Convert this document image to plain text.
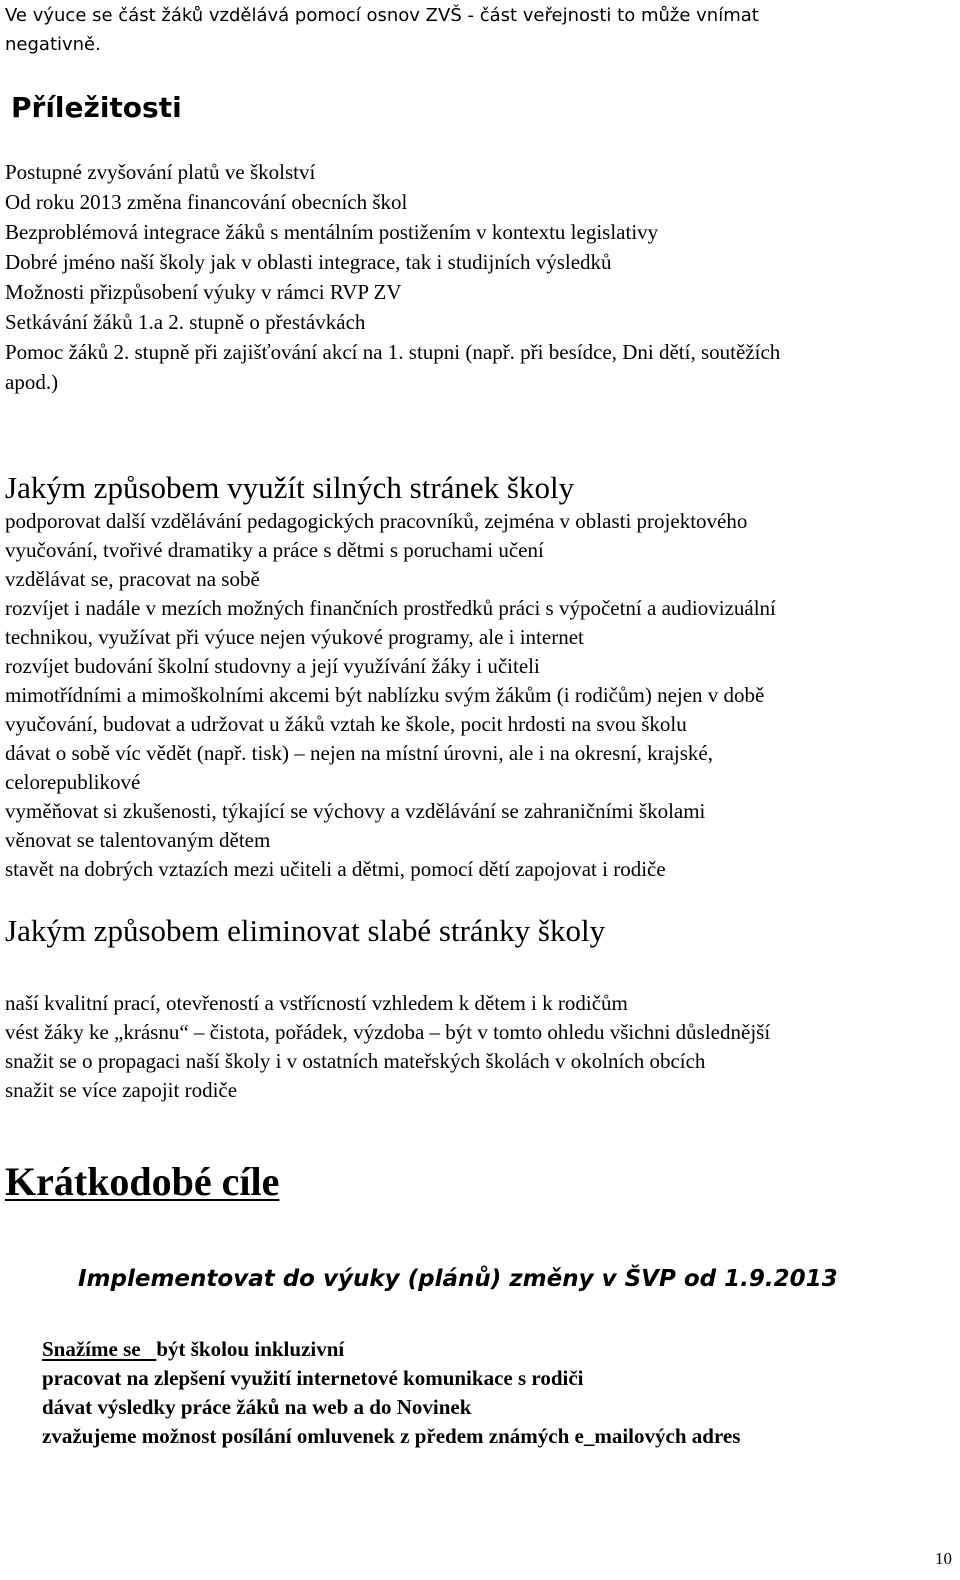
Ve výuce se část žáků vzdělává pomocí osnov ZVŠ - část veřejnosti to může vnímat
negativně.
Příležitosti
Postupné zvyšování platů ve školství
Od roku 2013 změna financování obecních škol
Bezproblémová integrace žáků s mentálním postižením v kontextu legislativy
Dobré jméno naší školy jak v oblasti integrace, tak i studijních výsledků
Možnosti přizpůsobení výuky v rámci RVP ZV
Setkávání žáků 1.a 2. stupně o přestávkách
Pomoc žáků 2. stupně při zajišťování akcí na 1. stupni (např. při besídce, Dni dětí, soutěžích
apod.)
Jakým způsobem využít silných stránek školy
podporovat další vzdělávání pedagogických pracovníků, zejména v oblasti projektového
vyučování, tvořivé dramatiky a práce s dětmi s poruchami učení
vzdělávat se, pracovat na sobě
rozvíjet i nadále v mezích možných finančních prostředků práci s výpočetní a audiovizuální
technikou, využívat při výuce nejen výukové programy, ale i internet
rozvíjet budování školní studovny a její využívání žáky i učiteli
mimotřídními a mimoškolními akcemi být nablízku svým žákům (i rodičům) nejen v době
vyučování, budovat a udržovat u žáků vztah ke škole, pocit hrdosti na svou školu
dávat o sobě víc vědět (např. tisk) – nejen na místní úrovni, ale i na okresní, krajské,
celorepublikové
vyměňovat si zkušenosti, týkající se výchovy a vzdělávání se zahraničními školami
věnovat se talentovaným dětem
stavět na dobrých vztazích mezi učiteli a dětmi, pomocí dětí zapojovat i rodiče
Jakým způsobem eliminovat slabé stránky školy
naší kvalitní prací, otevřeností a vstřícností vzhledem k dětem i k rodičům
vést žáky ke „krásnu“ – čistota, pořádek, výzdoba – být v tomto ohledu všichni důslednější
snažit se o propagaci naší školy i v ostatních mateřských školách v okolních obcích
snažit se více zapojit rodiče
Krátkodobé cíle
Implementovat do výuky (plánů) změny v ŠVP od 1.9.2013
Snažíme se   být školou inkluzivní
pracovat na zlepšení využití internetové komunikace s rodiči
dávat výsledky práce žáků na web a do Novinek
zvažujeme možnost posílání omluvenek z předem známých e_mailových adres
10
